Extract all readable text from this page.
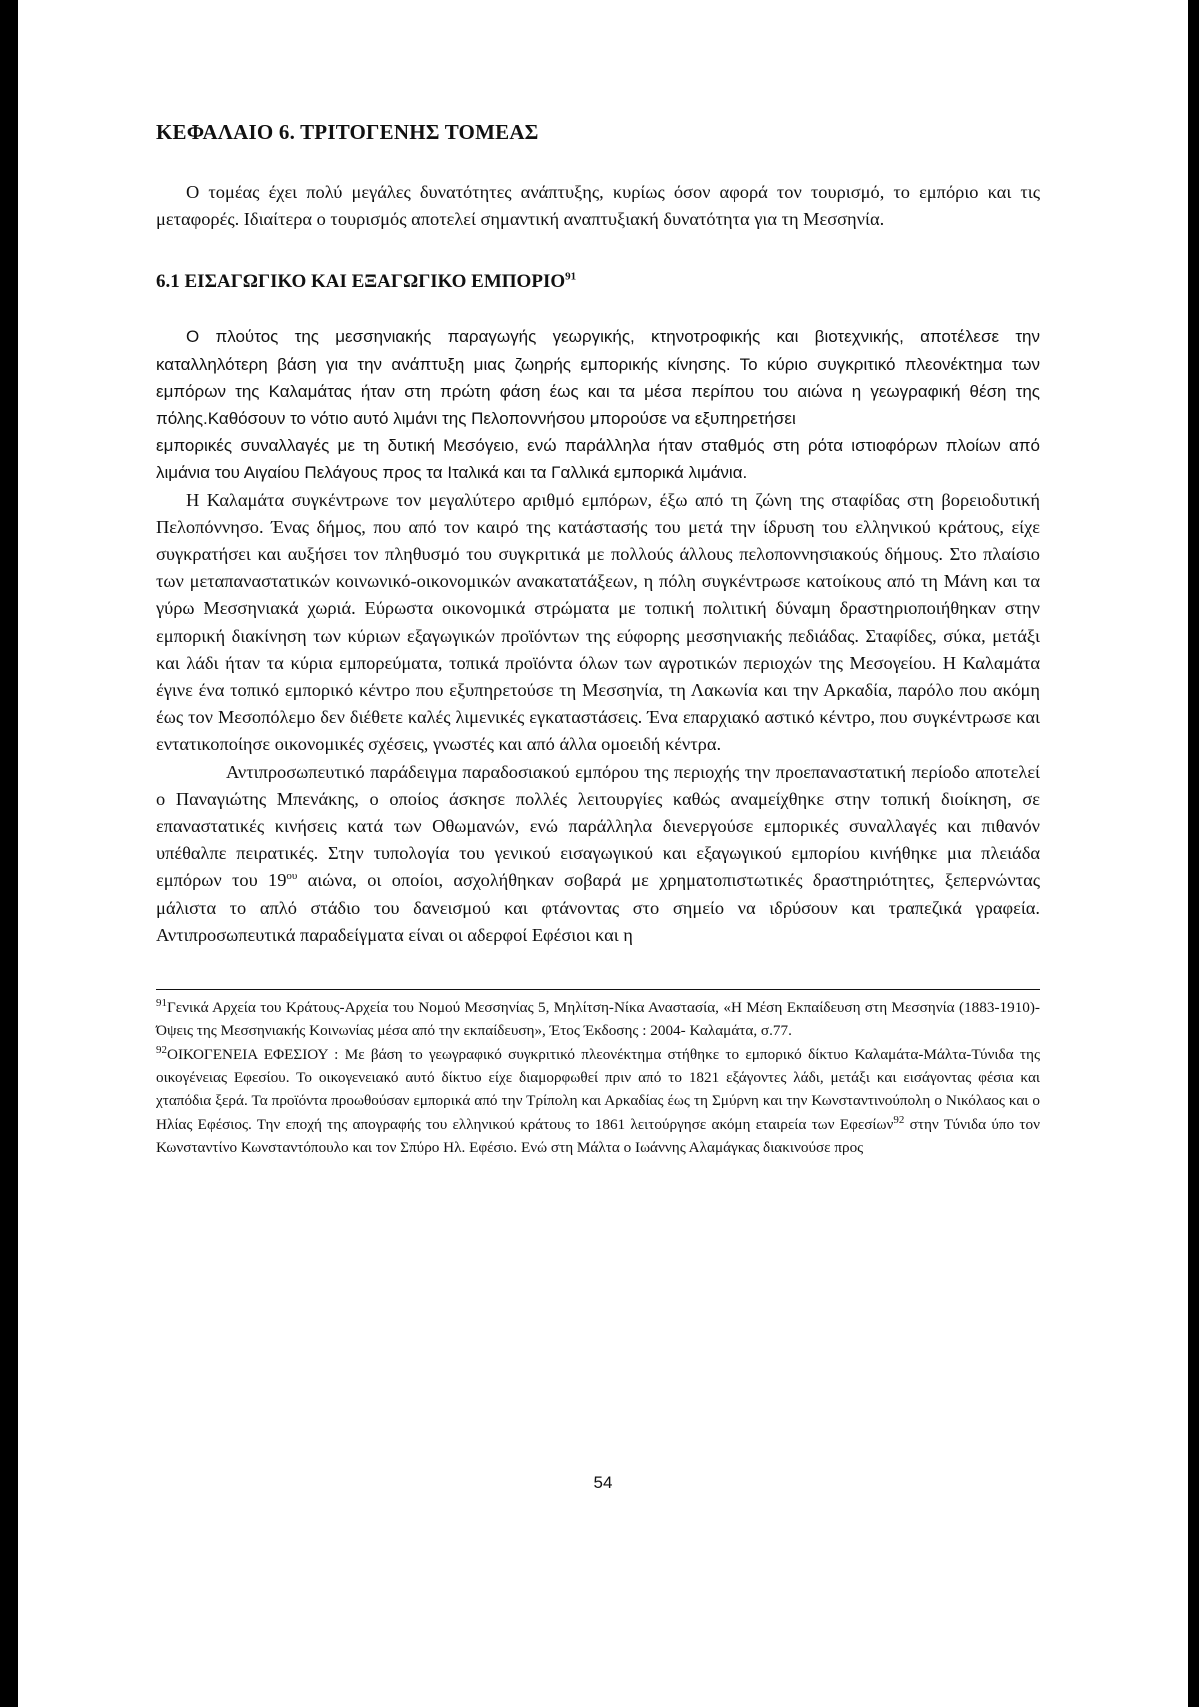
ΚΕΦΑΛΑΙΟ 6. ΤΡΙΤΟΓΕΝΗΣ ΤΟΜΕΑΣ

Ο τομέας έχει πολύ μεγάλες δυνατότητες ανάπτυξης, κυρίως όσον αφορά τον τουρισμό, το εμπόριο και τις μεταφορές. Ιδιαίτερα ο τουρισμός αποτελεί σημαντική αναπτυξιακή δυνατότητα για τη Μεσσηνία.

6.1 ΕΙΣΑΓΩΓΙΚΟ ΚΑΙ ΕΞΑΓΩΓΙΚΟ ΕΜΠΟΡΙΟ$^{91}$

Ο πλούτος της μεσσηνιακής παραγωγής γεωργικής, κτηνοτροφικής και βιοτεχνικής, αποτέλεσε την καταλληλότερη βάση για την ανάπτυξη μιας ζωηρής εμπορικής κίνησης. Το κύριο συγκριτικό πλεονέκτημα των εμπόρων της Καλαμάτας ήταν στη πρώτη φάση έως και τα μέσα περίπου του αιώνα η γεωγραφική θέση της πόλης.Καθόσουν το νότιο αυτό λιμάνι της Πελοποννήσου μπορούσε να εξυπηρετήσει

εμπορικές συναλλαγές με τη δυτική Μεσόγειο, ενώ παράλληλα ήταν σταθμός στη ρότα ιστιοφόρων πλοίων από λιμάνια του Αιγαίου Πελάγους προς τα Ιταλικά και τα Γαλλικά εμπορικά λιμάνια.

Η Καλαμάτα συγκέντρωνε τον μεγαλύτερο αριθμό εμπόρων, έξω από τη ζώνη της σταφίδας στη βορειοδυτική Πελοπόννησο. Ένας δήμος, που από τον καιρό της κατάστασής του μετά την ίδρυση του ελληνικού κράτους, είχε συγκρατήσει και αυξήσει τον πληθυσμό του συγκριτικά με πολλούς άλλους πελοποννησιακούς δήμους. Στο πλαίσιο των μεταπαναστατικών κοινωνικό-οικονομικών ανακατατάξεων, η πόλη συγκέντρωσε κατοίκους από τη Μάνη και τα γύρω Μεσσηνιακά χωριά. Εύρωστα οικονομικά στρώματα με τοπική πολιτική δύναμη δραστηριοποιήθηκαν στην εμπορική διακίνηση των κύριων εξαγωγικών προϊόντων της εύφορης μεσσηνιακής πεδιάδας. Σταφίδες, σύκα, μετάξι και λάδι ήταν τα κύρια εμπορεύματα, τοπικά προϊόντα όλων των αγροτικών περιοχών της Μεσογείου. Η Καλαμάτα έγινε ένα τοπικό εμπορικό κέντρο που εξυπηρετούσε τη Μεσσηνία, τη Λακωνία και την Αρκαδία, παρόλο που ακόμη έως τον Μεσοπόλεμο δεν διέθετε καλές λιμενικές εγκαταστάσεις. Ένα επαρχιακό αστικό κέντρο, που συγκέντρωσε και εντατικοποίησε οικονομικές σχέσεις, γνωστές και από άλλα ομοειδή κέντρα.

Αντιπροσωπευτικό παράδειγμα παραδοσιακού εμπόρου της περιοχής την προεπαναστατική περίοδο αποτελεί ο Παναγιώτης Μπενάκης, ο οποίος άσκησε πολλές λειτουργίες καθώς αναμείχθηκε στην τοπική διοίκηση, σε επαναστατικές κινήσεις κατά των Οθωμανών, ενώ παράλληλα διενεργούσε εμπορικές συναλλαγές και πιθανόν υπέθαλπε πειρατικές. Στην τυπολογία του γενικού εισαγωγικού και εξαγωγικού εμπορίου κινήθηκε μια πλειάδα εμπόρων του $19^{o\upsilon}$ αιώνα, οι οποίοι, ασχολήθηκαν σοβαρά με χρηματοπιστωτικές δραστηριότητες, ξεπερνώντας μάλιστα το απλό στάδιο του δανεισμού και φτάνοντας στο σημείο να ιδρύσουν και τραπεζικά γραφεία. Αντιπροσωπευτικά παραδείγματα είναι οι αδερφοί Εφέσιοι και η

$^{91}$Γενικά Αρχεία του Κράτους-Αρχεία του Νομού Μεσσηνίας 5, Μηλίτση-Νίκα Αναστασία, «Η Μέση Εκπαίδευση στη Μεσσηνία (1883-1910)- Όψεις της Μεσσηνιακής Κοινωνίας μέσα από την εκπαίδευση», Έτος Έκδοσης : 2004- Καλαμάτα, σ.77.

$^{92}$ΟΙΚΟΓΕΝΕΙΑ ΕΦΕΣΙΟΥ : Με βάση το γεωγραφικό συγκριτικό πλεονέκτημα στήθηκε το εμπορικό δίκτυο Καλαμάτα-Μάλτα-Τύνιδα της οικογένειας Εφεσίου. Το οικογενειακό αυτό δίκτυο είχε διαμορφωθεί πριν από το 1821 εξάγοντες λάδι, μετάξι και εισάγοντας φέσια και χταπόδια ξερά. Τα προϊόντα προωθούσαν εμπορικά από την Τρίπολη και Αρκαδίας έως τη Σμύρνη και την Κωνσταντινούπολη ο Νικόλαος και ο Ηλίας Εφέσιος. Την εποχή της απογραφής του ελληνικού κράτους το 1861 λειτούργησε ακόμη εταιρεία των Εφεσίων$^{92}$ στην Τύνιδα ύπο τον Κωνσταντίνο Κωνσταντόπουλο και τον Σπύρο Ηλ. Εφέσιο. Ενώ στη Μάλτα ο Ιωάννης Αλαμάγκας διακινούσε προς

54
